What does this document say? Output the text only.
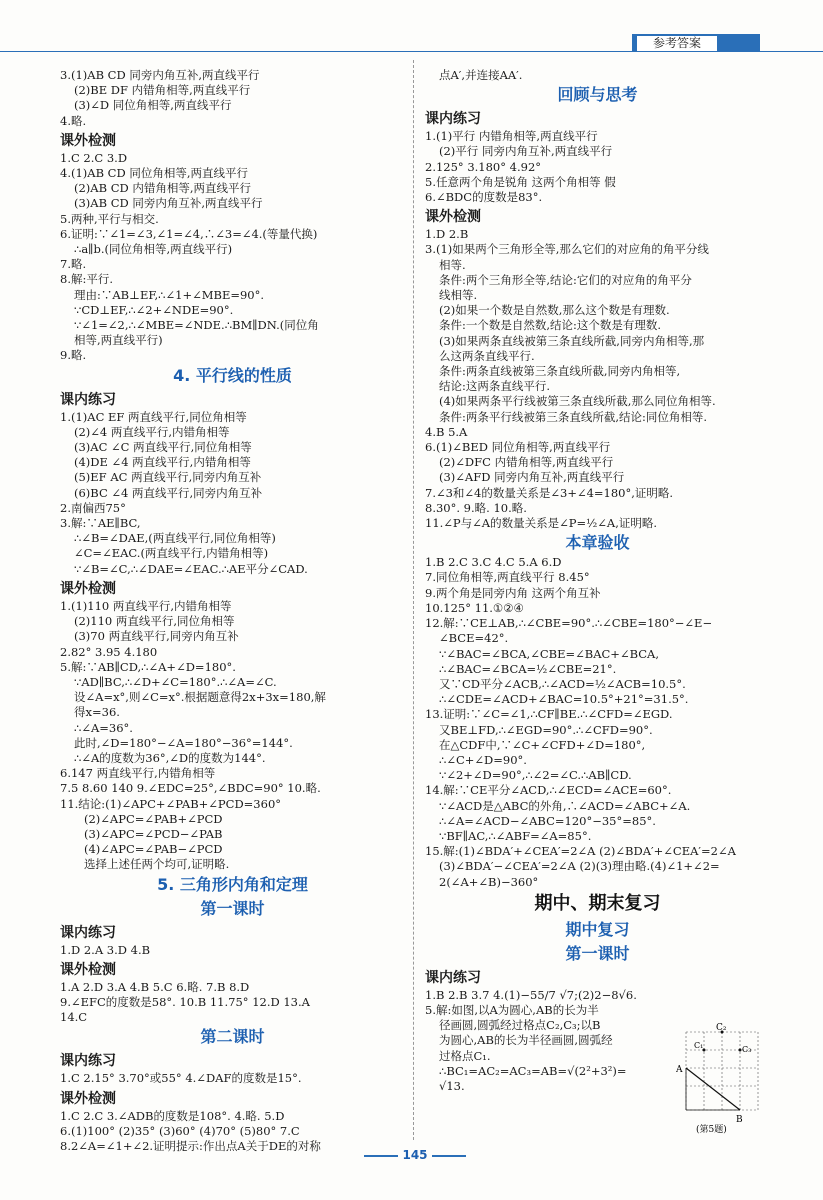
参考答案
3.(1)AB CD 同旁内角互补,两直线平行
(2)BE DF 内错角相等,两直线平行
(3)∠D 同位角相等,两直线平行
4.略.
课外检测
1.C 2.C 3.D
4.(1)AB CD 同位角相等,两直线平行
(2)AB CD 内错角相等,两直线平行
(3)AB CD 同旁内角互补,两直线平行
5.两种,平行与相交.
6.证明:∵∠1=∠3,∠1=∠4,∴∠3=∠4.(等量代换)
∴a∥b.(同位角相等,两直线平行)
7.略.
8.解:平行.
理由:∵AB⊥EF,∴∠1+∠MBE=90°.
∵CD⊥EF,∴∠2+∠NDE=90°.
∵∠1=∠2,∴∠MBE=∠NDE.∴BM∥DN.(同位角
相等,两直线平行)
9.略.
4. 平行线的性质
课内练习
1.(1)AC EF 两直线平行,同位角相等
(2)∠4 两直线平行,内错角相等
(3)AC ∠C 两直线平行,同位角相等
(4)DE ∠4 两直线平行,内错角相等
(5)EF AC 两直线平行,同旁内角互补
(6)BC ∠4 两直线平行,同旁内角互补
2.南偏西75°
3.解:∵AE∥BC,
∴∠B=∠DAE,(两直线平行,同位角相等)
∠C=∠EAC.(两直线平行,内错角相等)
∵∠B=∠C,∴∠DAE=∠EAC.∴AE平分∠CAD.
课外检测
1.(1)110 两直线平行,内错角相等
(2)110 两直线平行,同位角相等
(3)70 两直线平行,同旁内角互补
2.82° 3.95 4.180
5.解:∵AB∥CD,∴∠A+∠D=180°.
∵AD∥BC,∴∠D+∠C=180°.∴∠A=∠C.
设∠A=x°,则∠C=x°.根据题意得2x+3x=180,解
得x=36.
∴∠A=36°.
此时,∠D=180°−∠A=180°−36°=144°.
∴∠A的度数为36°,∠D的度数为144°.
6.147 两直线平行,内错角相等
7.5 8.60 140 9.∠EDC=25°,∠BDC=90° 10.略.
11.结论:(1)∠APC+∠PAB+∠PCD=360°
(2)∠APC=∠PAB+∠PCD
(3)∠APC=∠PCD−∠PAB
(4)∠APC=∠PAB−∠PCD
选择上述任两个均可,证明略.
5. 三角形内角和定理
第一课时
课内练习
1.D 2.A 3.D 4.B
课外检测
1.A 2.D 3.A 4.B 5.C 6.略. 7.B 8.D
9.∠EFC的度数是58°. 10.B 11.75° 12.D 13.A
14.C
第二课时
课内练习
1.C 2.15° 3.70°或55° 4.∠DAF的度数是15°.
课外检测
1.C 2.C 3.∠ADB的度数是108°. 4.略. 5.D
6.(1)100° (2)35° (3)60° (4)70° (5)80° 7.C
8.2∠A=∠1+∠2.证明提示:作出点A关于DE的对称
点A′,并连接AA′.
回顾与思考
课内练习
1.(1)平行 内错角相等,两直线平行
(2)平行 同旁内角互补,两直线平行
2.125° 3.180° 4.92°
5.任意两个角是锐角 这两个角相等 假
6.∠BDC的度数是83°.
课外检测
1.D 2.B
3.(1)如果两个三角形全等,那么它们的对应角的角平分线
相等.
条件:两个三角形全等,结论:它们的对应角的角平分
线相等.
(2)如果一个数是自然数,那么这个数是有理数.
条件:一个数是自然数,结论:这个数是有理数.
(3)如果两条直线被第三条直线所截,同旁内角相等,那
么这两条直线平行.
条件:两条直线被第三条直线所截,同旁内角相等,
结论:这两条直线平行.
(4)如果两条平行线被第三条直线所截,那么同位角相等.
条件:两条平行线被第三条直线所截,结论:同位角相等.
4.B 5.A
6.(1)∠BED 同位角相等,两直线平行
(2)∠DFC 内错角相等,两直线平行
(3)∠AFD 同旁内角互补,两直线平行
7.∠3和∠4的数量关系是∠3+∠4=180°,证明略.
8.30°. 9.略. 10.略.
11.∠P与∠A的数量关系是∠P=½∠A,证明略.
本章验收
1.B 2.C 3.C 4.C 5.A 6.D
7.同位角相等,两直线平行 8.45°
9.两个角是同旁内角 这两个角互补
10.125° 11.①②④
12.解:∵CE⊥AB,∴∠CBE=90°.∴∠CBE=180°−∠E−
∠BCE=42°.
∵∠BAC=∠BCA,∠CBE=∠BAC+∠BCA,
∴∠BAC=∠BCA=½∠CBE=21°.
又∵CD平分∠ACB,∴∠ACD=½∠ACB=10.5°.
∴∠CDE=∠ACD+∠BAC=10.5°+21°=31.5°.
13.证明:∵∠C=∠1,∴CF∥BE.∴∠CFD=∠EGD.
又BE⊥FD,∴∠EGD=90°.∴∠CFD=90°.
在△CDF中,∵∠C+∠CFD+∠D=180°,
∴∠C+∠D=90°.
∵∠2+∠D=90°,∴∠2=∠C.∴AB∥CD.
14.解:∵CE平分∠ACD,∴∠ECD=∠ACE=60°.
∵∠ACD是△ABC的外角,∴∠ACD=∠ABC+∠A.
∴∠A=∠ACD−∠ABC=120°−35°=85°.
∵BF∥AC,∴∠ABF=∠A=85°.
15.解:(1)∠BDA′+∠CEA′=2∠A (2)∠BDA′+∠CEA′=2∠A
(3)∠BDA′−∠CEA′=2∠A (2)(3)理由略.(4)∠1+∠2=
2(∠A+∠B)−360°
期中、期末复习
期中复习
第一课时
课内练习
1.B 2.B 3.7 4.(1)−55/7 √7;(2)2−8√6.
5.解:如图,以A为圆心,AB的长为半
径画圆,圆弧经过格点C₂,C₃;以B
为圆心,AB的长为半径画圆,圆弧经
过格点C₁.
∴BC₁=AC₂=AC₃=AB=√(2²+3²)=
√13.
C₂
C₁	C₃
A
B
(第5题)
145
